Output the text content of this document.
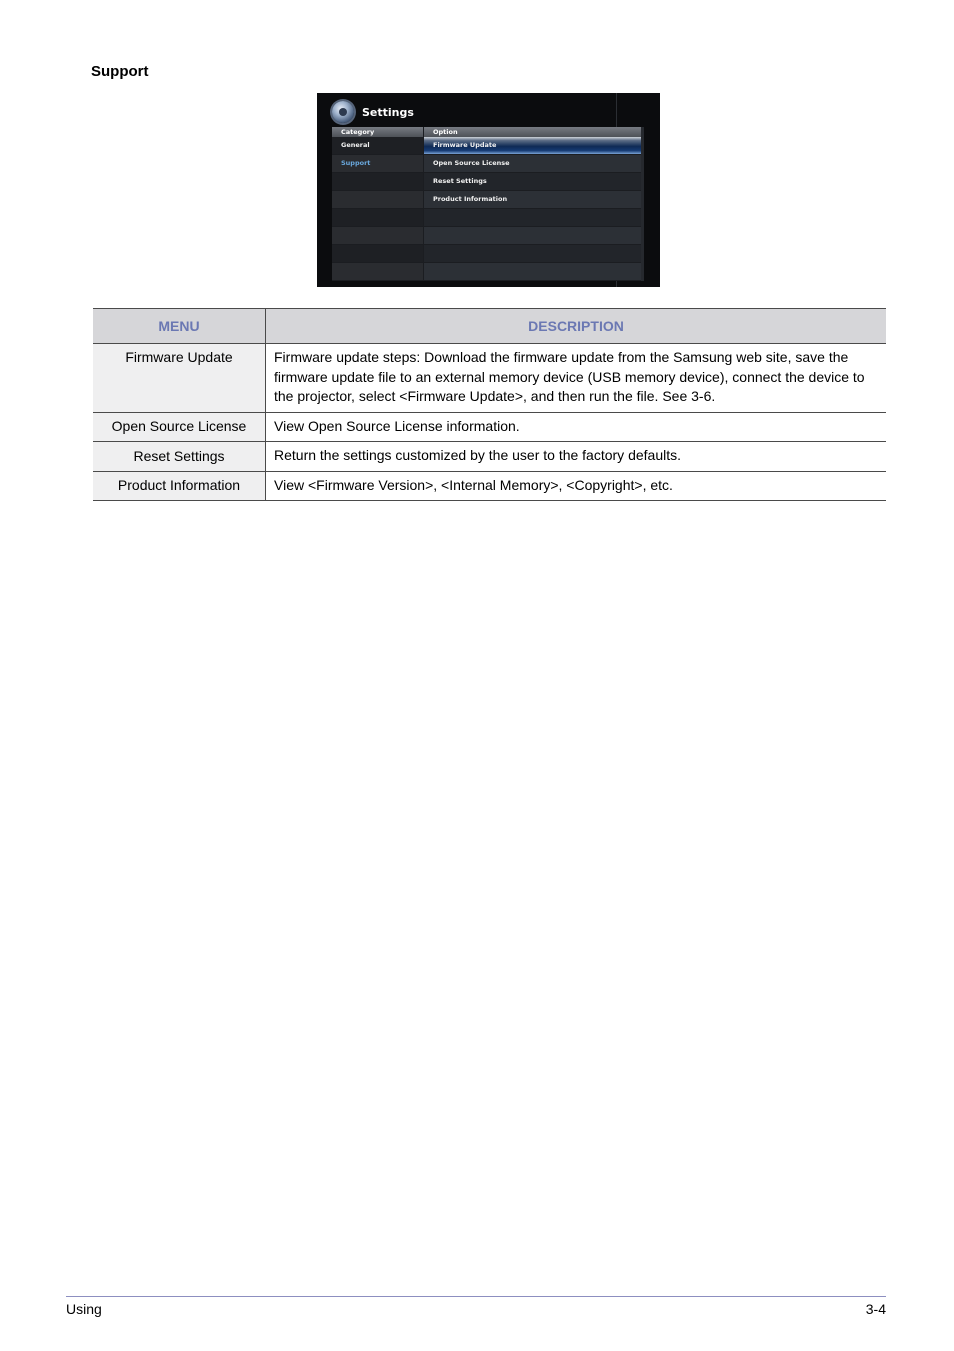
Support
Settings
Category	Option
General
Support
Firmware Update
Open Source License
Reset Settings
Product Information
MENU	DESCRIPTION
Firmware Update	Firmware update steps: Download the firmware update from the Samsung web site, save the firmware update file to an external memory device (USB memory device), connect the device to the projector, select <Firmware Update>, and then run the file. See 3-6.
Open Source License	View Open Source License information.
Reset Settings	Return the settings customized by the user to the factory defaults.
Product Information	View <Firmware Version>, <Internal Memory>, <Copyright>, etc.
Using	3-4
